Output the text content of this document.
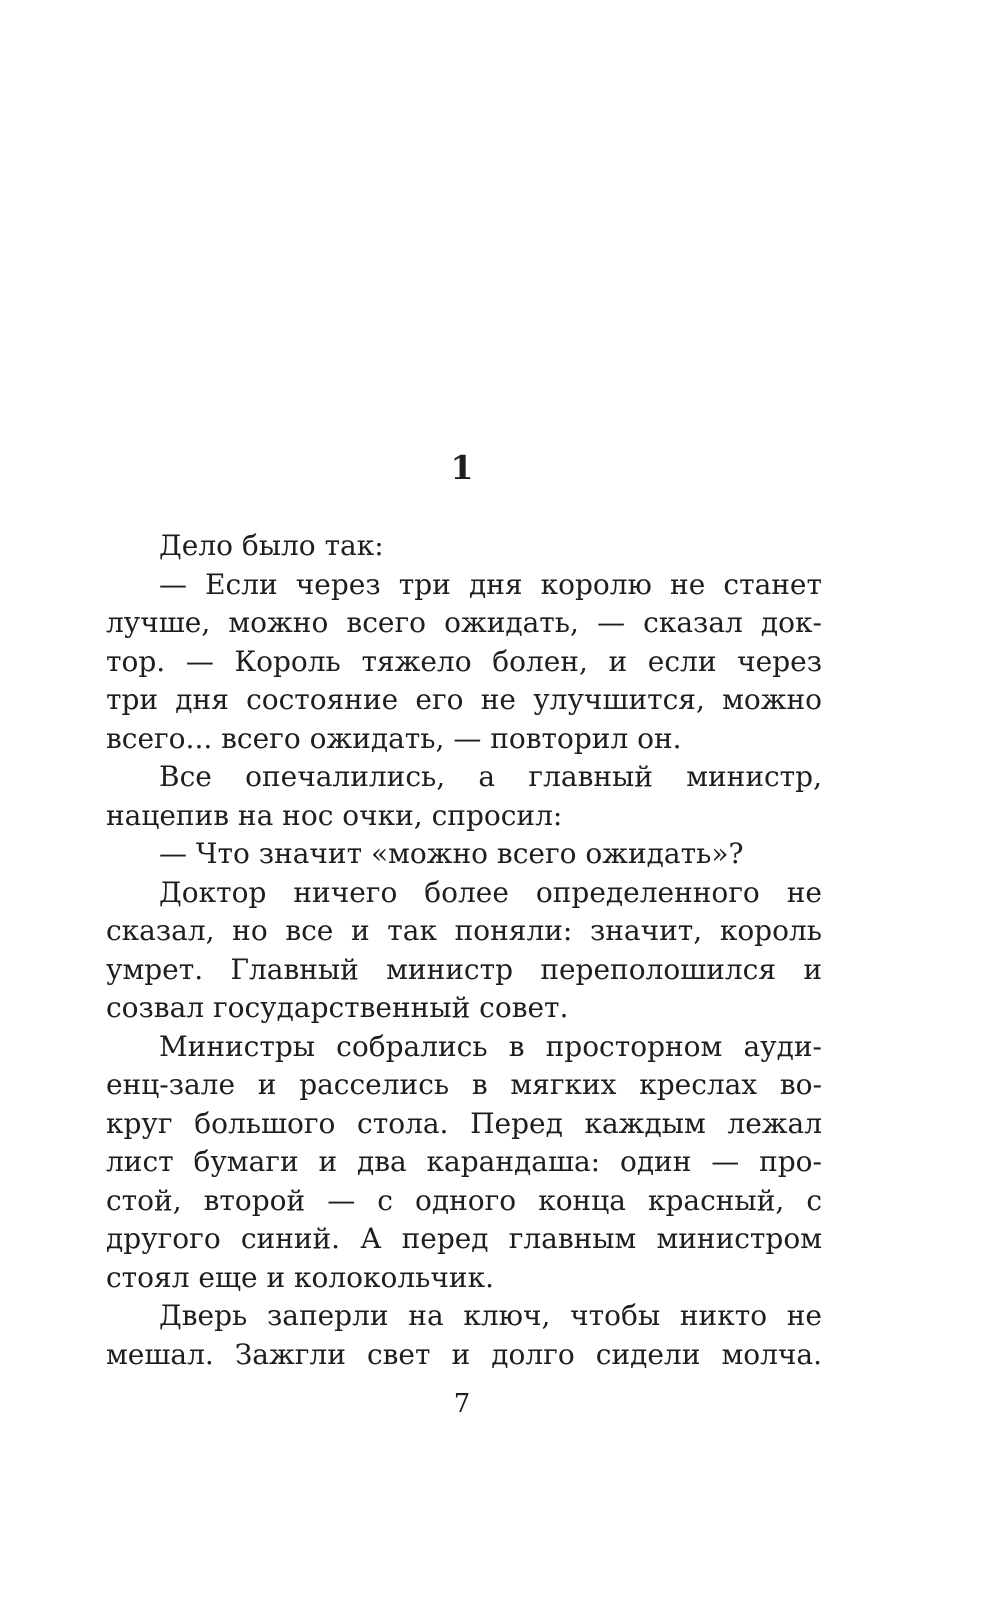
1
Дело было так:
— Если через три дня королю не станет
лучше, можно всего ожидать, — сказал док-
тор. — Король тяжело болен, и если через
три дня состояние его не улучшится, можно
всего... всего ожидать, — повторил он.
Все опечалились, а главный министр,
нацепив на нос очки, спросил:
— Что значит «можно всего ожидать»?
Доктор ничего более определенного не
сказал, но все и так поняли: значит, король
умрет. Главный министр переполошился и
созвал государственный совет.
Министры собрались в просторном ауди-
енц-зале и расселись в мягких креслах во-
круг большого стола. Перед каждым лежал
лист бумаги и два карандаша: один — про-
стой, второй — с одного конца красный, с
другого синий. А перед главным министром
стоял еще и колокольчик.
Дверь заперли на ключ, чтобы никто не
мешал. Зажгли свет и долго сидели молча.
7
